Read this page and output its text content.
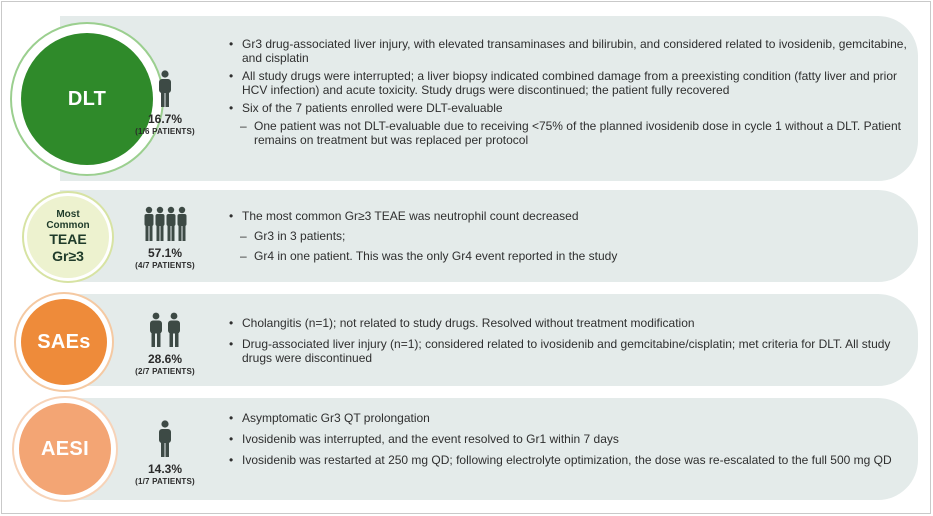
DLT
16.7%
(1/6 PATIENTS)
• Gr3 drug-associated liver injury, with elevated transaminases and bilirubin, and considered related to ivosidenib, gemcitabine, and cisplatin
• All study drugs were interrupted; a liver biopsy indicated combined damage from a preexisting condition (fatty liver and prior HCV infection) and acute toxicity. Study drugs were discontinued; the patient fully recovered
• Six of the 7 patients enrolled were DLT-evaluable
– One patient was not DLT-evaluable due to receiving <75% of the planned ivosidenib dose in cycle 1 without a DLT. Patient remains on treatment but was replaced per protocol
Most
Common
TEAE
Gr≥3	57.1%
(4/7 PATIENTS)
• The most common Gr≥3 TEAE was neutrophil count decreased
– Gr3 in 3 patients;
– Gr4 in one patient. This was the only Gr4 event reported in the study
SAEs
28.6%
(2/7 PATIENTS)
• Cholangitis (n=1); not related to study drugs. Resolved without treatment modification
• Drug-associated liver injury (n=1); considered related to ivosidenib and gemcitabine/cisplatin; met criteria for DLT. All study drugs were discontinued
AESI
14.3%
(1/7 PATIENTS)
• Asymptomatic Gr3 QT prolongation
• Ivosidenib was interrupted, and the event resolved to Gr1 within 7 days
• Ivosidenib was restarted at 250 mg QD; following electrolyte optimization, the dose was re-escalated to the full 500 mg QD
